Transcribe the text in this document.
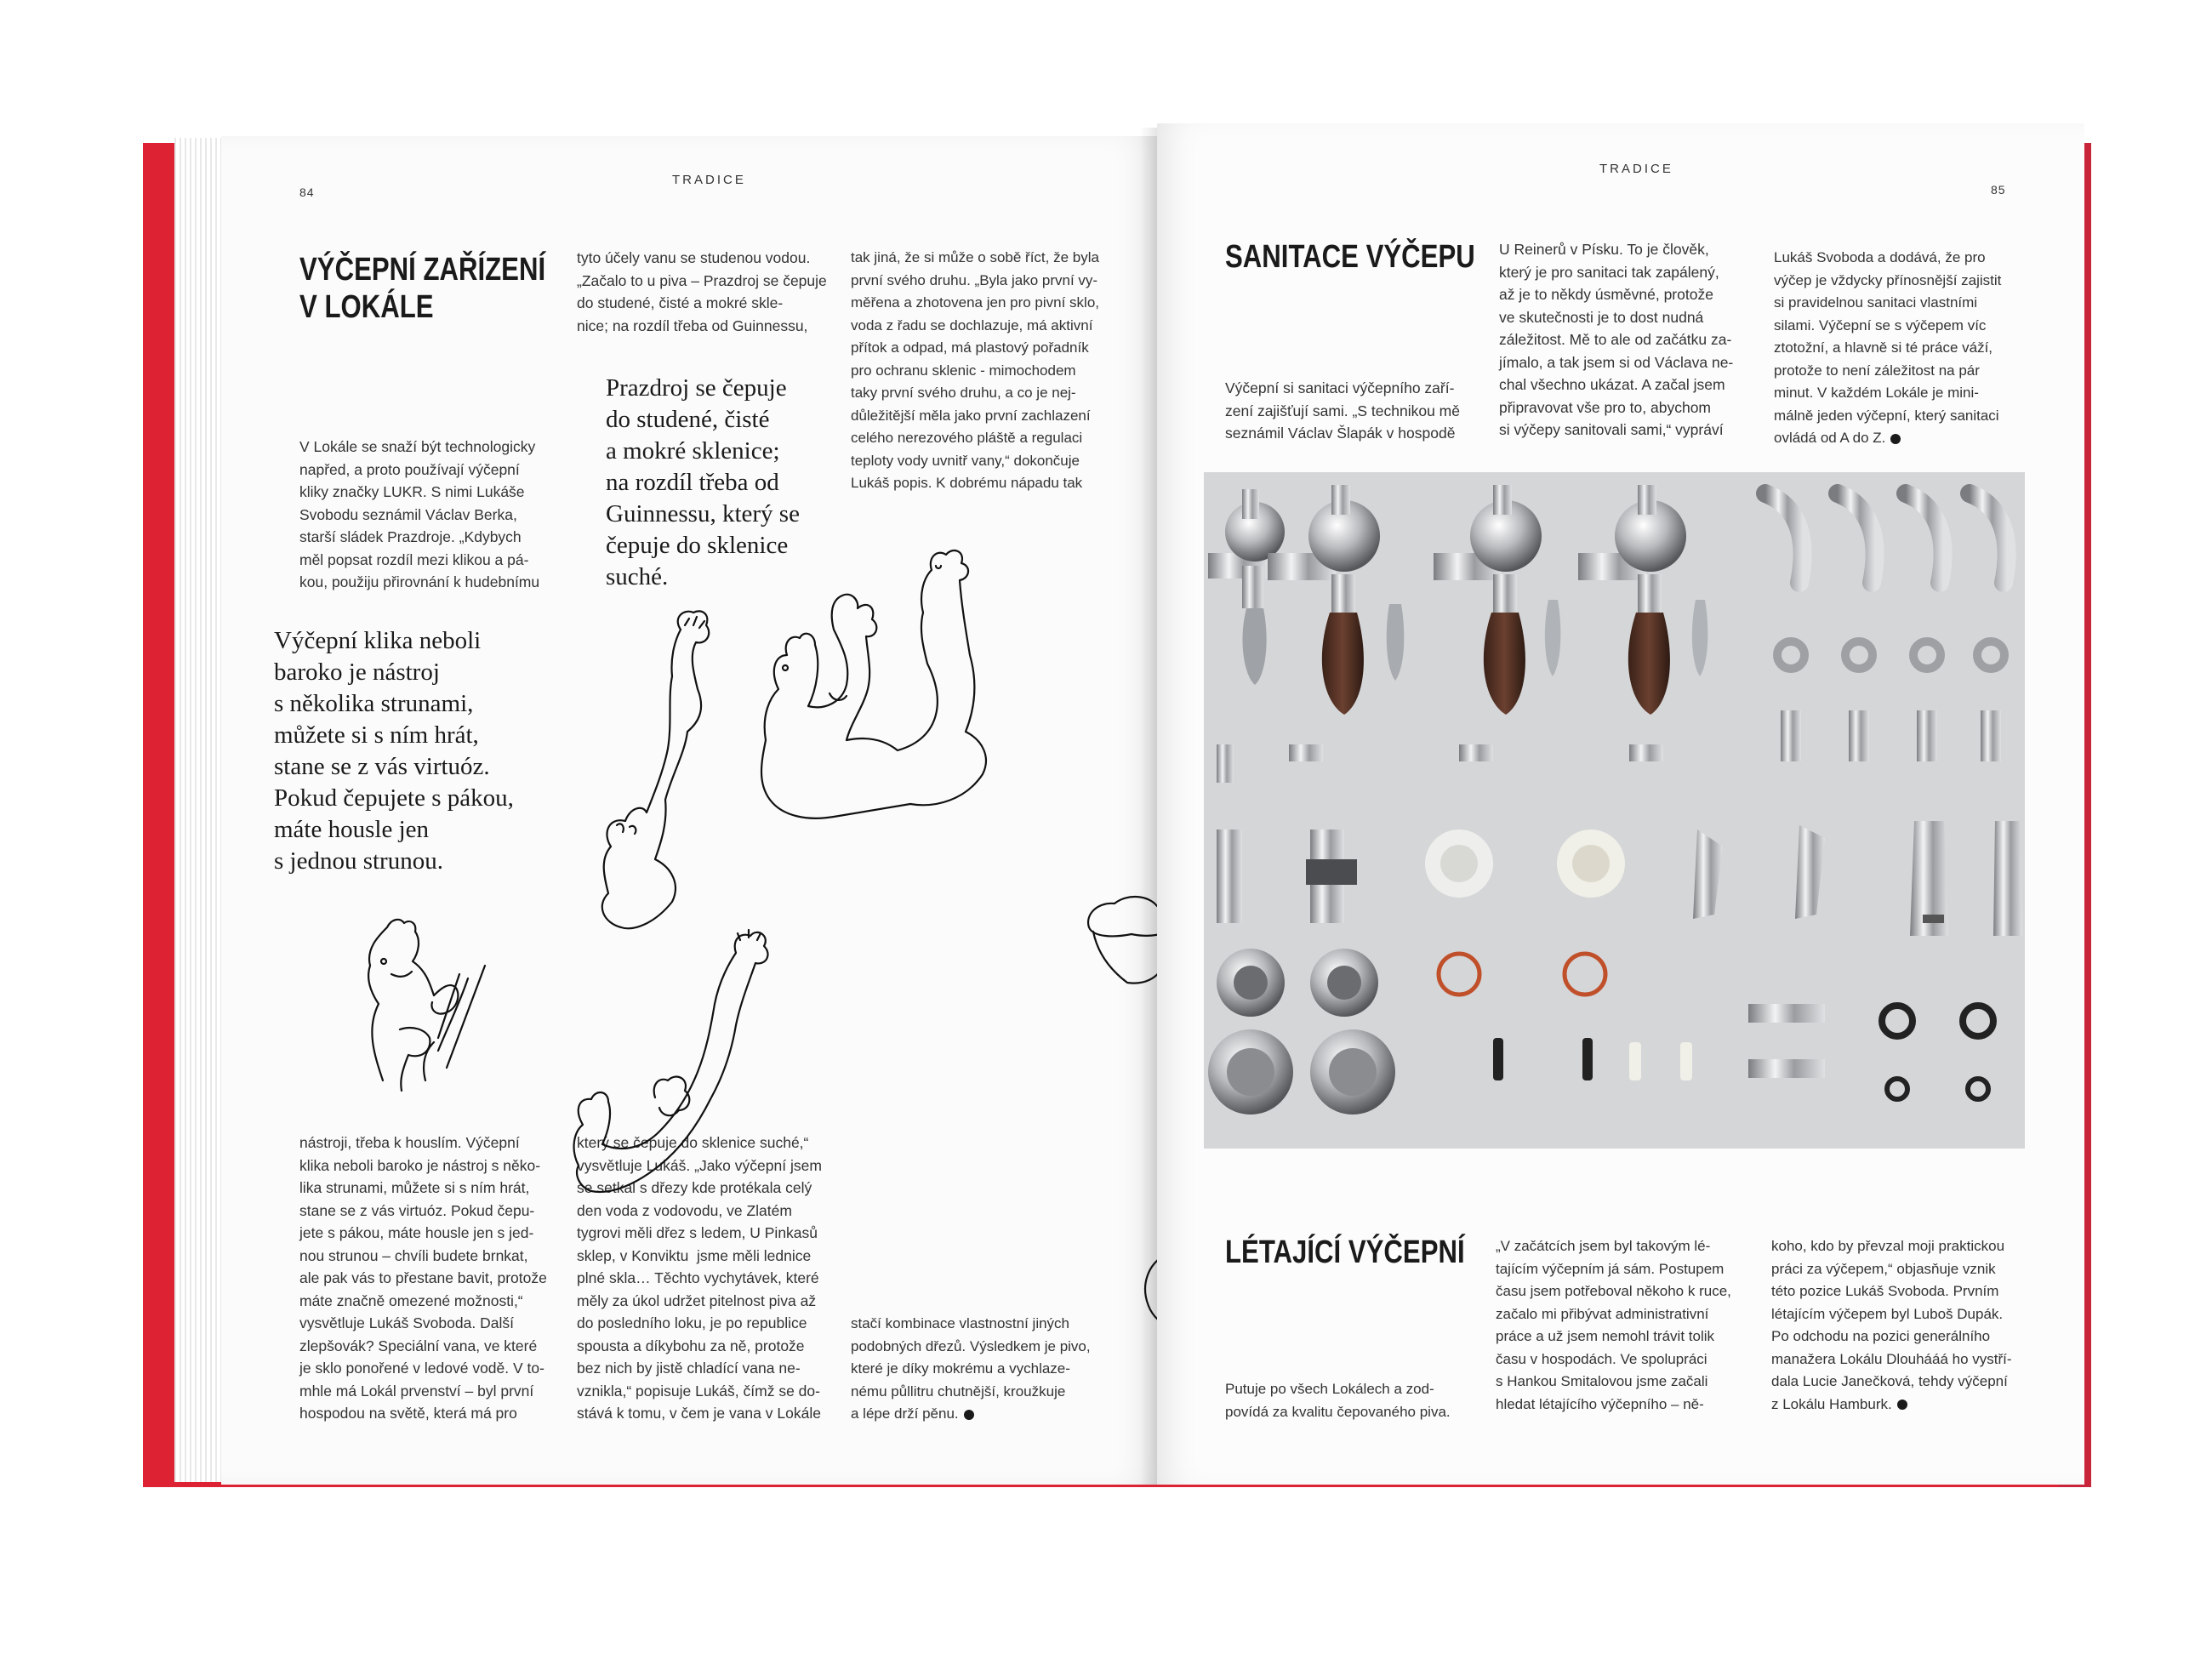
84
TRADICE
VÝČEPNÍ ZAŘÍZENÍ
V LOKÁLE
V Lokále se snaží být technologicky
napřed, a proto používají výčepní
kliky značky LUKR. S nimi Lukáše
Svobodu seznámil Václav Berka,
starší sládek Prazdroje. „Kdybych
měl popsat rozdíl mezi klikou a pá-
kou, použiju přirovnání k hudebnímu
Výčepní klika neboli
baroko je nástroj
s několika strunami,
můžete si s ním hrát,
stane se z vás virtuóz.
Pokud čepujete s pákou,
máte housle jen
s jednou strunou.
nástroji, třeba k houslím. Výčepní
klika neboli baroko je nástroj s něko-
lika strunami, můžete si s ním hrát,
stane se z vás virtuóz. Pokud čepu-
jete s pákou, máte housle jen s jed-
nou strunou – chvíli budete brnkat,
ale pak vás to přestane bavit, protože
máte značně omezené možnosti,“
vysvětluje Lukáš Svoboda. Další
zlepšovák? Speciální vana, ve které
je sklo ponořené v ledové vodě. V to-
mhle má Lokál prvenství – byl první
hospodou na světě, která má pro
tyto účely vanu se studenou vodou.
„Začalo to u piva – Prazdroj se čepuje
do studené, čisté a mokré skle-
nice; na rozdíl třeba od Guinnessu,
Prazdroj se čepuje
do studené, čisté
a mokré sklenice;
na rozdíl třeba od
Guinnessu, který se
čepuje do sklenice
suché.
který se čepuje do sklenice suché,“
vysvětluje Lukáš. „Jako výčepní jsem
se setkal s dřezy kde protékala celý
den voda z vodovodu, ve Zlatém
tygrovi měli dřez s ledem, U Pinkasů
sklep, v Konviktu  jsme měli lednice
plné skla… Těchto vychytávek, které
měly za úkol udržet pitelnost piva až
do posledního loku, je po republice
spousta a díkybohu za ně, protože
bez nich by jistě chladící vana ne-
vznikla,“ popisuje Lukáš, čímž se do-
stává k tomu, v čem je vana v Lokále
tak jiná, že si může o sobě říct, že byla
první svého druhu. „Byla jako první vy-
měřena a zhotovena jen pro pivní sklo,
voda z řadu se dochlazuje, má aktivní
přítok a odpad, má plastový pořadník
pro ochranu sklenic - mimochodem
taky první svého druhu, a co je nej-
důležitější měla jako první zachlazení
celého nerezového pláště a regulaci
teploty vody uvnitř vany,“ dokončuje
Lukáš popis. K dobrému nápadu tak
stačí kombinace vlastnostní jiných
podobných dřezů. Výsledkem je pivo,
které je díky mokrému a vychlaze-
nému půllitru chutnější, kroužkuje
a lépe drží pěnu.
TRADICE
85
SANITACE VÝČEPU
Výčepní si sanitaci výčepního zaří-
zení zajišťují sami. „S technikou mě
seznámil Václav Šlapák v hospodě
U Reinerů v Písku. To je člověk,
který je pro sanitaci tak zapálený,
až je to někdy úsměvné, protože
ve skutečnosti je to dost nudná
záležitost. Mě to ale od začátku za-
jímalo, a tak jsem si od Václava ne-
chal všechno ukázat. A začal jsem
připravovat vše pro to, abychom
si výčepy sanitovali sami,“ vypráví
Lukáš Svoboda a dodává, že pro
výčep je vždycky přínosnější zajistit
si pravidelnou sanitaci vlastními
silami. Výčepní se s výčepem víc
ztotožní, a hlavně si té práce váží,
protože to není záležitost na pár
minut. V každém Lokále je mini-
málně jeden výčepní, který sanitaci
ovládá od A do Z.
LÉTAJÍCÍ VÝČEPNÍ
Putuje po všech Lokálech a zod-
povídá za kvalitu čepovaného piva.
„V začátcích jsem byl takovým lé-
tajícím výčepním já sám. Postupem
času jsem potřeboval někoho k ruce,
začalo mi přibývat administrativní
práce a už jsem nemohl trávit tolik
času v hospodách. Ve spolupráci
s Hankou Smitalovou jsme začali
hledat létajícího výčepního – ně-
koho, kdo by převzal moji praktickou
práci za výčepem,“ objasňuje vznik
této pozice Lukáš Svoboda. Prvním
létajícím výčepem byl Luboš Dupák.
Po odchodu na pozici generálního
manažera Lokálu Dlouhááá ho vystří-
dala Lucie Janečková, tehdy výčepní
z Lokálu Hamburk.
